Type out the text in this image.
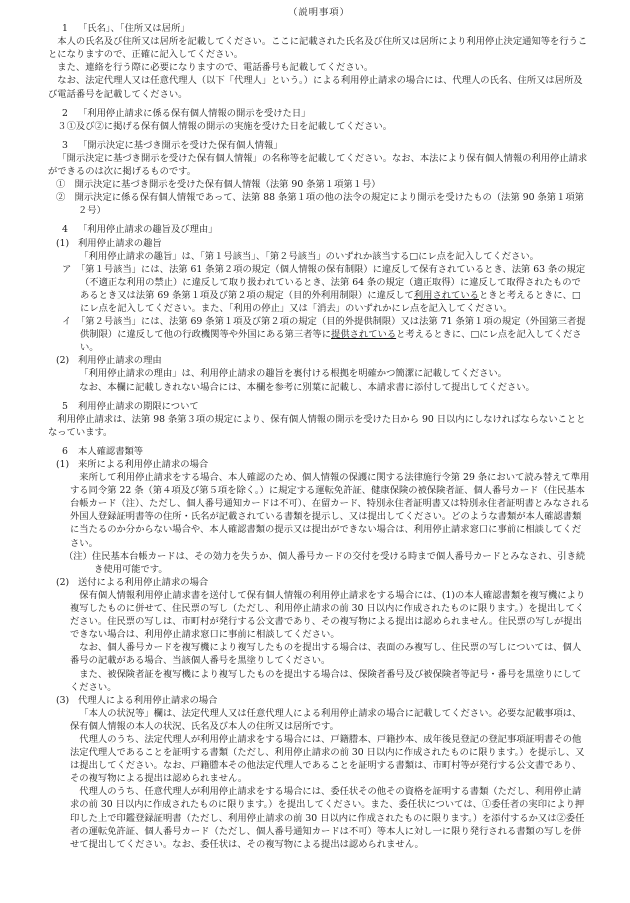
（説明事項）
1 「氏名」、「住所又は居所」

本人の氏名及び住所又は居所を記載してください。ここに記載された氏名及び住所又は居所により利用停止決定通知等を行うことになりますので、正確に記入してください。

また、連絡を行う際に必要になりますので、電話番号も記載してください。

なお、法定代理人又は任意代理人（以下「代理人」という。）による利用停止請求の場合には、代理人の氏名、住所又は居所及び電話番号を記載してください。

2 「利用停止請求に係る保有個人情報の開示を受けた日」

３①及び②に掲げる保有個人情報の開示の実施を受けた日を記載してください。

3 「開示決定に基づき開示を受けた保有個人情報」

「開示決定に基づき開示を受けた保有個人情報」の名称等を記載してください。なお、本法により保有個人情報の利用停止請求ができるのは次に掲げるものです。

①　 開示決定に基づき開示を受けた保有個人情報（法第 90 条第１項第１号）

②　 開示決定に係る保有個人情報であって、法第 88 条第１項の他の法令の規定により開示を受けたもの（法第 90 条第１項第２号）

4 「利用停止請求の趣旨及び理由」
(1) 利用停止請求の趣旨

「利用停止請求の趣旨」は、「第１号該当」、「第２号該当」のいずれか該当する□にレ点を記入してください。

ア　 「第１号該当」には、法第 61 条第２項の規定（個人情報の保有制限）に違反して保有されているとき、法第 63 条の規定（不適正な利用の禁止）に違反して取り扱われているとき、法第 64 条の規定（適正取得）に違反して取得されたものであるとき又は法第 69 条第１項及び第２項の規定（目的外利用制限）に違反して利用されているときと考えるときに、□にレ点を記入してください。また、「利用の停止」又は「消去」のいずれかにレ点を記入してください。

イ　 「第２号該当」には、法第 69 条第１項及び第２項の規定（目的外提供制限）又は法第 71 条第１項の規定（外国第三者提供制限）に違反して他の行政機関等や外国にある第三者等に提供されていると考えるときに、□にレ点を記入してください。

(2) 利用停止請求の理由

「利用停止請求の理由」は、利用停止請求の趣旨を裏付ける根拠を明確かつ簡潔に記載してください。

なお、本欄に記載しきれない場合には、本欄を参考に別葉に記載し、本請求書に添付して提出してください。

5 利用停止請求の期限について

利用停止請求は、法第 98 条第３項の規定により、保有個人情報の開示を受けた日から 90 日以内にしなければならないこととなっています。

6 本人確認書類等
(1) 来所による利用停止請求の場合

来所して利用停止請求をする場合、本人確認のため、個人情報の保護に関する法律施行令第 29 条において読み替えて準用する同令第 22 条（第４項及び第５項を除く。）に規定する運転免許証、健康保険の被保険者証、個人番号カード（住民基本台帳カード（注）、ただし、個人番号通知カードは不可）、在留カード、特別永住者証明書又は特別永住者証明書とみなされる外国人登録証明書等の住所・氏名が記載されている書類を提示し、又は提出してください。どのような書類が本人確認書類に当たるのか分からない場合や、本人確認書類の提示又は提出ができない場合は、利用停止請求窓口に事前に相談してください。

（注）住民基本台帳カードは、その効力を失うか、個人番号カードの交付を受ける時まで個人番号カードとみなされ、引き続き使用可能です。

(2) 送付による利用停止請求の場合

保有個人情報利用停止請求書を送付して保有個人情報の利用停止請求をする場合には、(1)の本人確認書類を複写機により複写したものに併せて、住民票の写し（ただし、利用停止請求の前 30 日以内に作成されたものに限ります。）を提出してください。住民票の写しは、市町村が発行する公文書であり、その複写物による提出は認められません。住民票の写しが提出できない場合は、利用停止請求窓口に事前に相談してください。

なお、個人番号カードを複写機により複写したものを提出する場合は、表面のみ複写し、住民票の写しについては、個人番号の記載がある場合、当該個人番号を黒塗りしてください。

また、被保険者証を複写機により複写したものを提出する場合は、保険者番号及び被保険者等記号・番号を黒塗りにしてください。

(3) 代理人による利用停止請求の場合

「本人の状況等」欄は、法定代理人又は任意代理人による利用停止請求の場合に記載してください。必要な記載事項は、保有個人情報の本人の状況、氏名及び本人の住所又は居所です。

代理人のうち、法定代理人が利用停止請求をする場合には、戸籍謄本、戸籍抄本、成年後見登記の登記事項証明書その他法定代理人であることを証明する書類（ただし、利用停止請求の前 30 日以内に作成されたものに限ります。）を提示し、又は提出してください。なお、戸籍謄本その他法定代理人であることを証明する書類は、市町村等が発行する公文書であり、その複写物による提出は認められません。

代理人のうち、任意代理人が利用停止請求をする場合には、委任状その他その資格を証明する書類（ただし、利用停止請求の前 30 日以内に作成されたものに限ります。）を提出してください。また、委任状については、①委任者の実印により押印した上で印鑑登録証明書（ただし、利用停止請求の前 30 日以内に作成されたものに限ります。）を添付するか又は②委任者の運転免許証、個人番号カード（ただし、個人番号通知カードは不可）等本人に対し一に限り発行される書類の写しを併せて提出してください。なお、委任状は、その複写物による提出は認められません。
